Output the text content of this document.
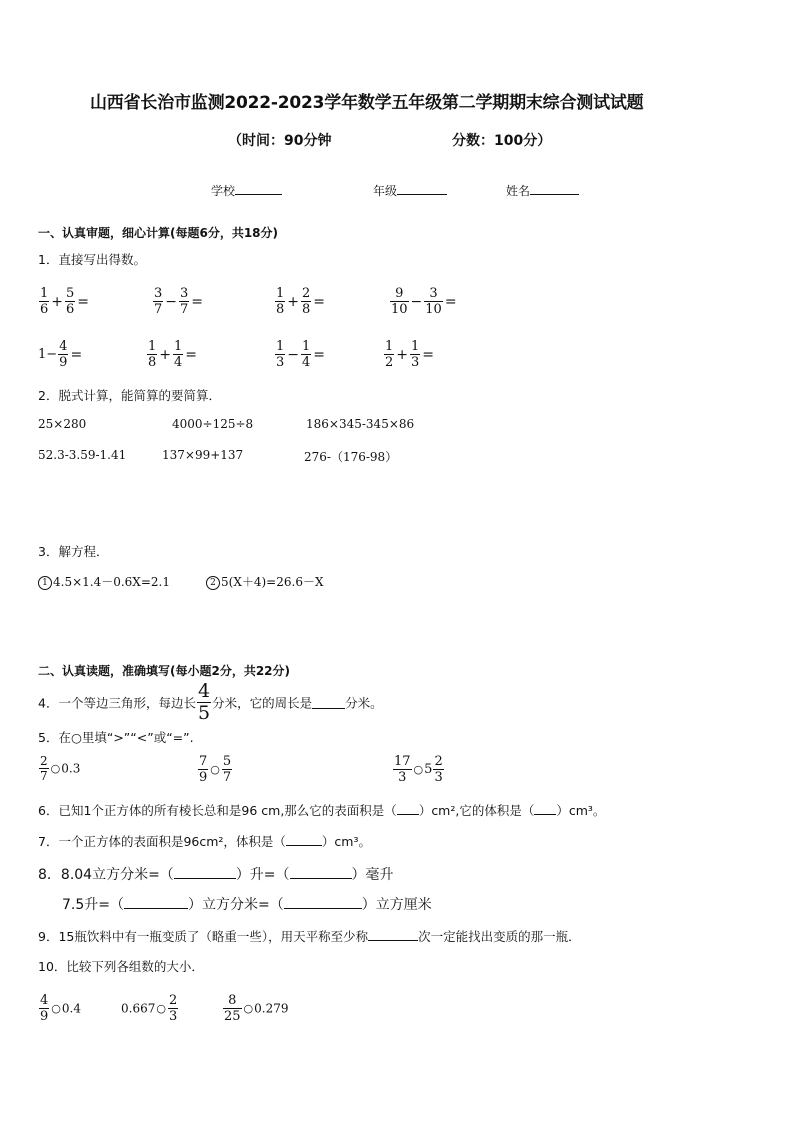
山西省长治市监测2022-2023学年数学五年级第二学期期末综合测试试题
（时间：90分钟	分数：100分）
学校	年级	姓名
一、认真审题，细心计算(每题6分，共18分)
1．直接写出得数。
$\frac{1}{6} + \frac{5}{6}$ =	$\frac{3}{7} - \frac{3}{7}$ =	$\frac{1}{8} + \frac{2}{8}$ =	$\frac{9}{10} - \frac{3}{10}$ =
$1- \frac{4}{9}$ =	$\frac{1}{8} + \frac{1}{4}$ =	$\frac{1}{3} - \frac{1}{4}$ =	$\frac{1}{2} + \frac{1}{3}$ =
2．脱式计算，能简算的要简算．
25×280	4000÷125÷8	186×345-345×86
52.3-3.59-1.41	137×99+137	276-（176-98）
3．解方程．
1 4.5×1.4－0.6X=2.1	2 5(X＋4)=26.6－X
二、认真读题，准确填写(每小题2分，共22分)
4．一个等边三角形，每边长 $\frac{4}{5}$ 分米，它的周长是	分米。
5．在○里填“>”“<”或“=”.
$\frac{2}{7}$ ○0.3	$\frac{7}{9}$ ○ $\frac{5}{7}$	$\frac{17}{3}$ ○5 $\frac{2}{3}$
6．已知1个正方体的所有棱长总和是96 cm,那么它的表面积是（ ）cm²,它的体积是（ ）cm³。
7．一个正方体的表面积是96cm²，体积是（	）cm³。
8．8.04立方分米=（	）升=（	）毫升
7.5升=（	）立方分米=（	）立方厘米
9．15瓶饮料中有一瓶变质了（略重一些），用天平称至少称	次一定能找出变质的那一瓶．
10．比较下列各组数的大小．
$\frac{4}{9}$ ○0.4	0.667○ $\frac{2}{3}$	$\frac{8}{25}$ ○0.279
